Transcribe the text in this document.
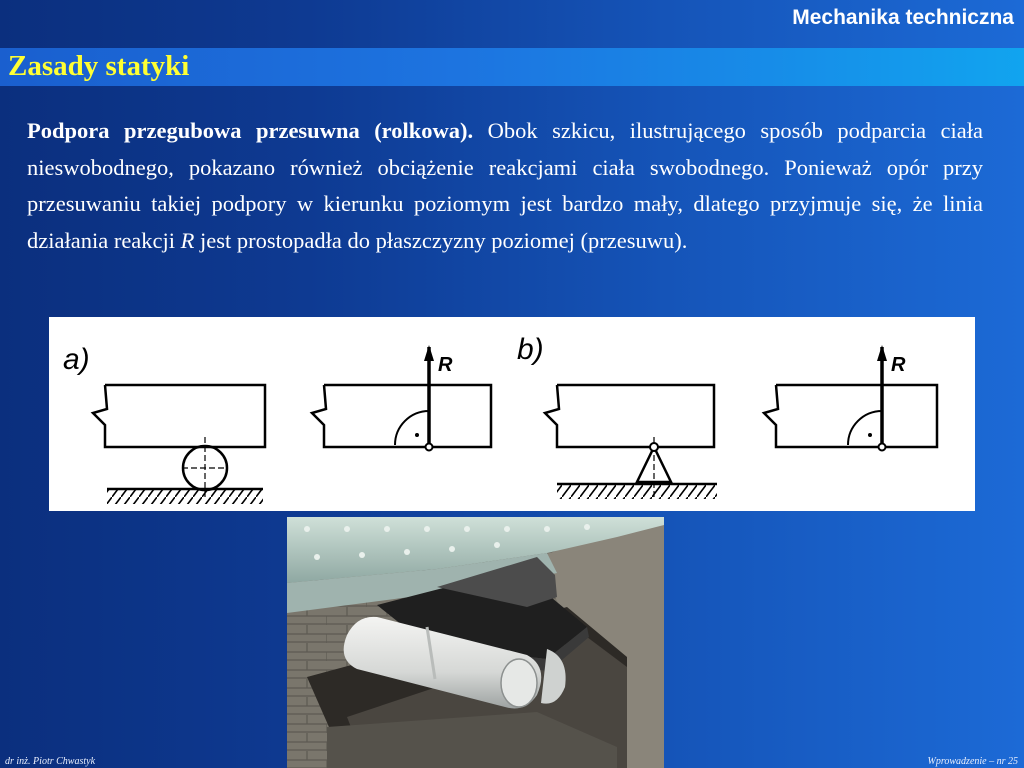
Mechanika techniczna
Zasady statyki

Podpora przegubowa przesuwna (rolkowa). Obok szkicu, ilustrującego sposób podparcia ciała nieswobodnego, pokazano również obciążenie reakcjami ciała swobodnego. Ponieważ opór przy przesuwaniu takiej podpory w kierunku poziomym jest bardzo mały, dlatego przyjmuje się, że linia działania reakcji R jest prostopadła do płaszczyzny poziomej (przesuwu).

a)	R b)	R
dr inż. Piotr Chwastyk	Wprowadzenie – nr 25
